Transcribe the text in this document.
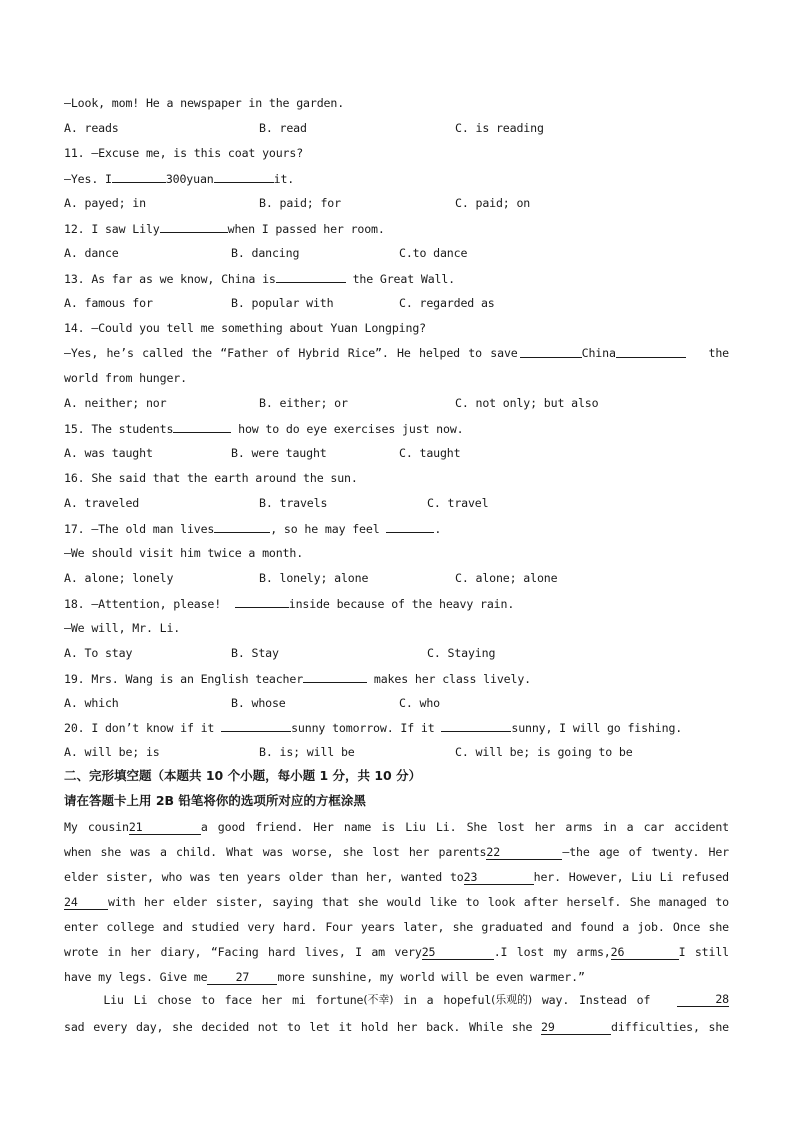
—Look, mom! He a newspaper in the garden.
A. reads	B. read	C. is reading
11. —Excuse me, is this coat yours?
—Yes. I	300yuan	it.
A. payed; in	B. paid; for	C. paid; on
12. I saw Lily	when I passed her room.
A. dance	B. dancing	C.to dance
13. As far as we know, China is	the Great Wall.
A. famous for	B. popular with	C. regarded as
14. —Could you tell me something about Yuan Longping?
—Yes, he’s called the “Father of Hybrid Rice”. He helped to save	China	the
world from hunger.
A. neither; nor	B. either; or	C. not only; but also
15. The students	how to do eye exercises just now.
A. was taught	B. were taught	C. taught
16. She said that the earth around the sun.
A. traveled	B. travels	C. travel
17. —The old man lives	, so he may feel	.
—We should visit him twice a month.
A. alone; lonely	B. lonely; alone	C. alone; alone
18. —Attention, please!	inside because of the heavy rain.
—We will, Mr. Li.
A. To stay	B. Stay	C. Staying
19. Mrs. Wang is an English teacher	makes her class lively.
A. which	B. whose	C. who
20. I don’t know if it	sunny tomorrow. If it	sunny, I will go fishing.
A. will be; is	B. is; will be	C. will be; is going to be
二、完形填空题（本题共 10 个小题，每小题 1 分，共 10 分）
请在答题卡上用 2B 铅笔将你的选项所对应的方框涂黑
My cousin21	a good friend. Her name is Liu Li. She lost her arms in a car accident
when she was a child. What was worse, she lost her parents22	—the age of twenty. Her
elder sister, who was ten years older than her, wanted to23	her. However, Liu Li refused
24	with her elder sister, saying that she would like to look after herself. She managed to
enter college and studied very hard. Four years later, she graduated and found a job. Once she
wrote in her diary, “Facing hard lives, I am very25	.I lost my arms,26	I still
have my legs. Give me 27 more sunshine, my world will be even warmer.”
Liu Li chose to face her mi fortune (不幸) in a hopeful (乐观的) way. Instead of	28
sad every day, she decided not to let it hold her back. While she 29	difficulties, she
